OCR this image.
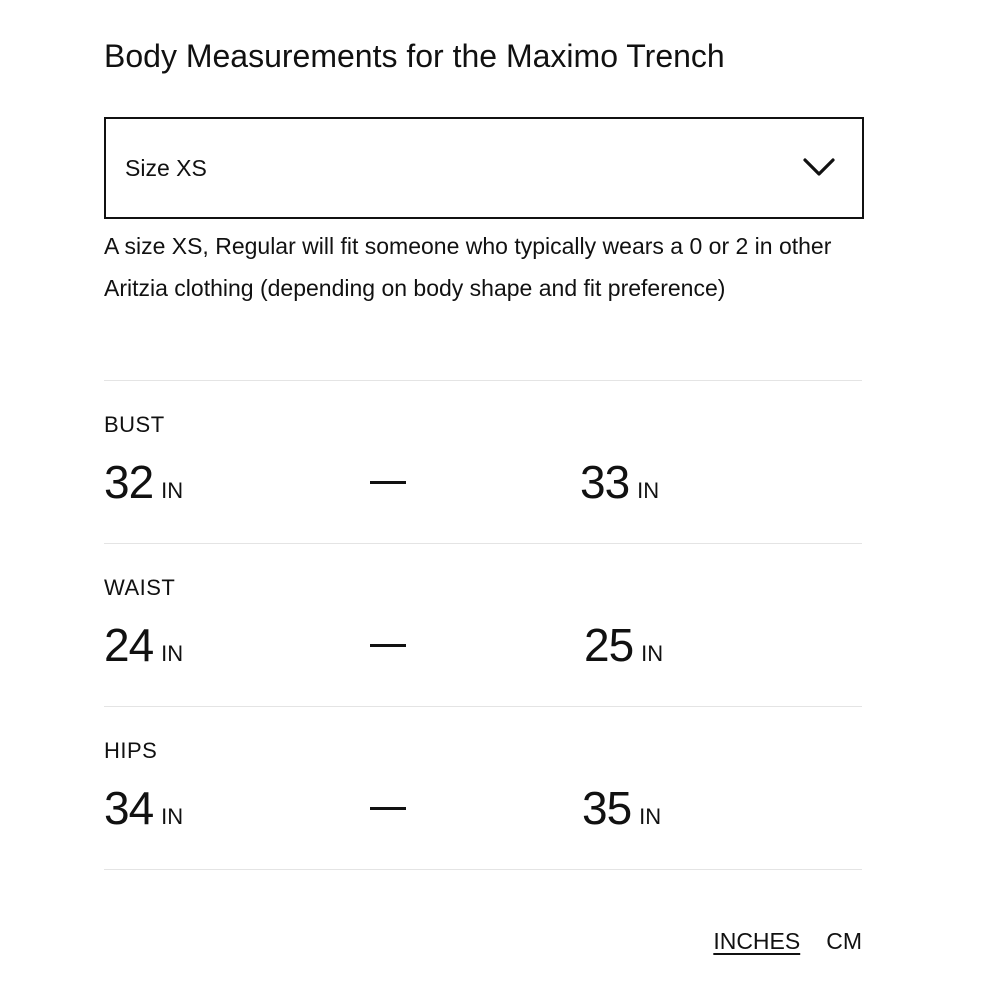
Body Measurements for the Maximo Trench
Size XS
A size XS, Regular will fit someone who typically wears a 0 or 2 in other Aritzia clothing (depending on body shape and fit preference)
BUST
32 IN	33 IN
WAIST
24 IN	25 IN
HIPS
34 IN	35 IN
INCHES CM
